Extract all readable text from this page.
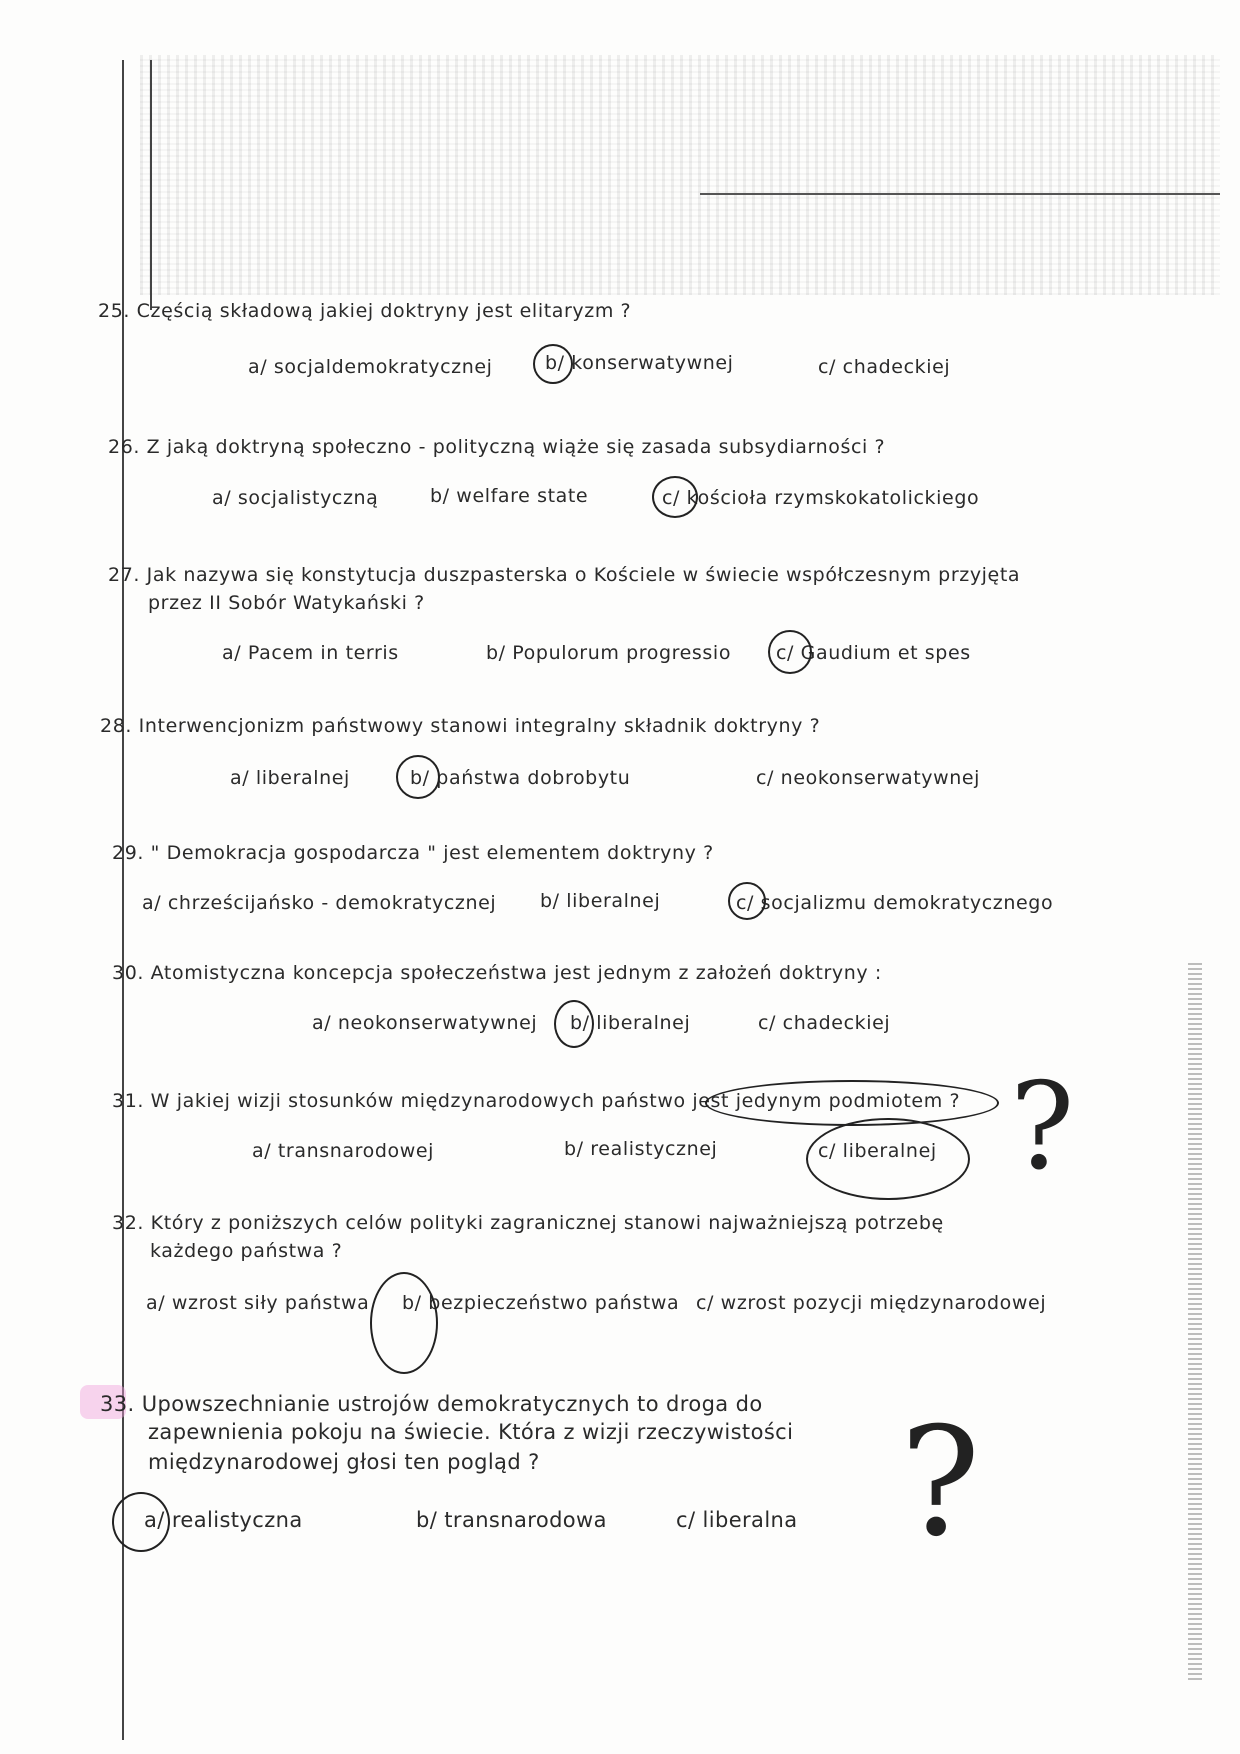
25. Częścią składową jakiej doktryny jest elitaryzm ?
a/ socjaldemokratycznej	b/ konserwatywnej	c/ chadeckiej
26. Z jaką doktryną społeczno - polityczną wiąże się zasada subsydiarności ?
a/ socjalistyczną	b/ welfare state	c/ kościoła rzymskokatolickiego
27. Jak nazywa się konstytucja duszpasterska o Kościele w świecie współczesnym przyjęta
przez II Sobór Watykański ?
a/ Pacem in terris	b/ Populorum progressio c/ Gaudium et spes
28. Interwencjonizm państwowy stanowi integralny składnik doktryny ?
a/ liberalnej	b/ państwa dobrobytu	c/ neokonserwatywnej
29. " Demokracja gospodarcza " jest elementem doktryny ?
a/ chrześcijańsko - demokratycznej b/ liberalnej	c/ socjalizmu demokratycznego
30. Atomistyczna koncepcja społeczeństwa jest jednym z założeń doktryny :
a/ neokonserwatywnej b/ liberalnej	c/ chadeckiej
31. W jakiej wizji stosunków międzynarodowych państwo jest jedynym podmiotem ?
a/ transnarodowej	b/ realistycznej	c/ liberalnej
32. Który z poniższych celów polityki zagranicznej stanowi najważniejszą potrzebę
każdego państwa ?
a/ wzrost siły państwa b/ bezpieczeństwo państwa c/ wzrost pozycji międzynarodowej
33. Upowszechnianie ustrojów demokratycznych to droga do
zapewnienia pokoju na świecie. Która z wizji rzeczywistości
międzynarodowej głosi ten pogląd ?
a/ realistyczna	b/ transnarodowa	c/ liberalna
?
?
